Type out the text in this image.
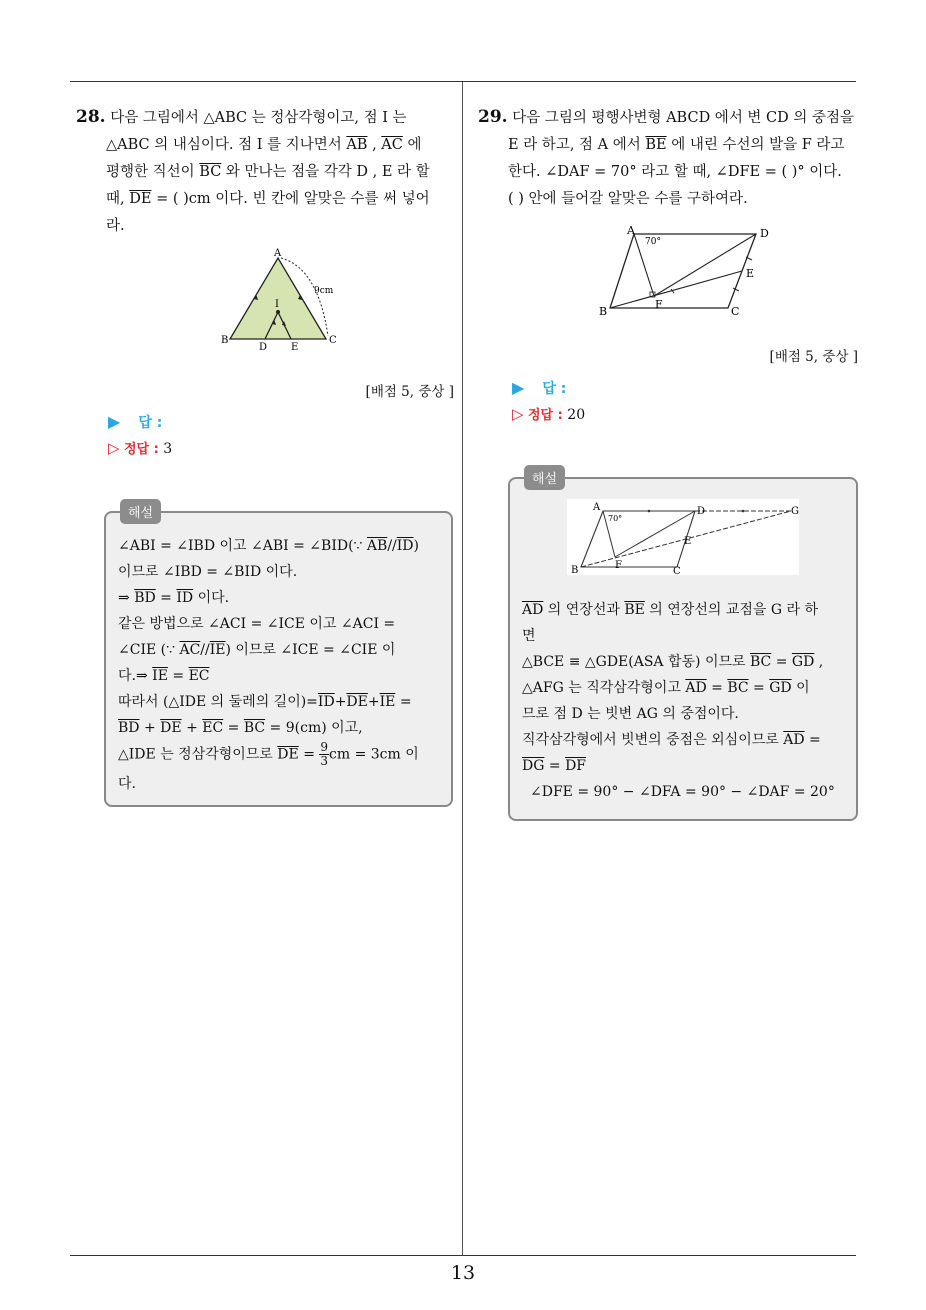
28. 다음 그림에서 △ABC 는 정삼각형이고, 점 I 는
△ABC 의 내심이다. 점 I 를 지나면서 $\overline{AB}$ , $\overline{AC}$ 에
평행한 직선이 $\overline{BC}$ 와 만나는 점을 각각 D , E 라 할
때, $\overline{DE}$ = ( )cm 이다. 빈 칸에 알맞은 수를 써 넣어
라.
A
B	C
D E
I
9cm
[배점 5, 중상 ]
▶ 답 :
▷ 정답 : 3
해설
∠ABI = ∠IBD 이고 ∠ABI = ∠BID(∵ $\overline{AB}//\overline{ID}$)
이므로 ∠IBD = ∠BID 이다.
⇒ $\overline{BD} = \overline{ID}$ 이다.
같은 방법으로 ∠ACI = ∠ICE 이고 ∠ACI =
∠CIE (∵ $\overline{AC}//\overline{IE}$) 이므로 ∠ICE = ∠CIE 이
다.⇒ $\overline{IE} = \overline{EC}$
따라서 (△IDE 의 둘레의 길이)$=\overline{ID}+\overline{DE}+\overline{IE}$ =
$\overline{BD} + \overline{DE} + \overline{EC} = \overline{BC} = 9(cm)$ 이고,
△IDE 는 정삼각형이므로 $\overline{DE} = \frac{9}{3}$ cm = 3cm 이
다.
29. 다음 그림의 평행사변형 ABCD 에서 변 CD 의 중점을
E 라 하고, 점 A 에서 $\overline{BE}$ 에 내린 수선의 발을 F 라고
한다. ∠DAF = 70° 라고 할 때, ∠DFE = ( )° 이다.
( ) 안에 들어갈 알맞은 수를 구하여라.
A	D
E
B	C
F
70°
[배점 5, 중상 ]
▶ 답 :
▷ 정답 : 20
해설
A	D	G
E
B	C
F
70°
$\overline{AD}$ 의 연장선과 $\overline{BE}$ 의 연장선의 교점을 G 라 하
면
△BCE ≡ △GDE(ASA 합동) 이므로 $\overline{BC} = \overline{GD}$ ,
△AFG 는 직각삼각형이고 $\overline{AD} = \overline{BC} = \overline{GD}$ 이
므로 점 D 는 빗변 AG 의 중점이다.
직각삼각형에서 빗변의 중점은 외심이므로 $\overline{AD}$ =
$\overline{DG} = \overline{DF}$
∠DFE = 90° − ∠DFA = 90° − ∠DAF = 20°
13
